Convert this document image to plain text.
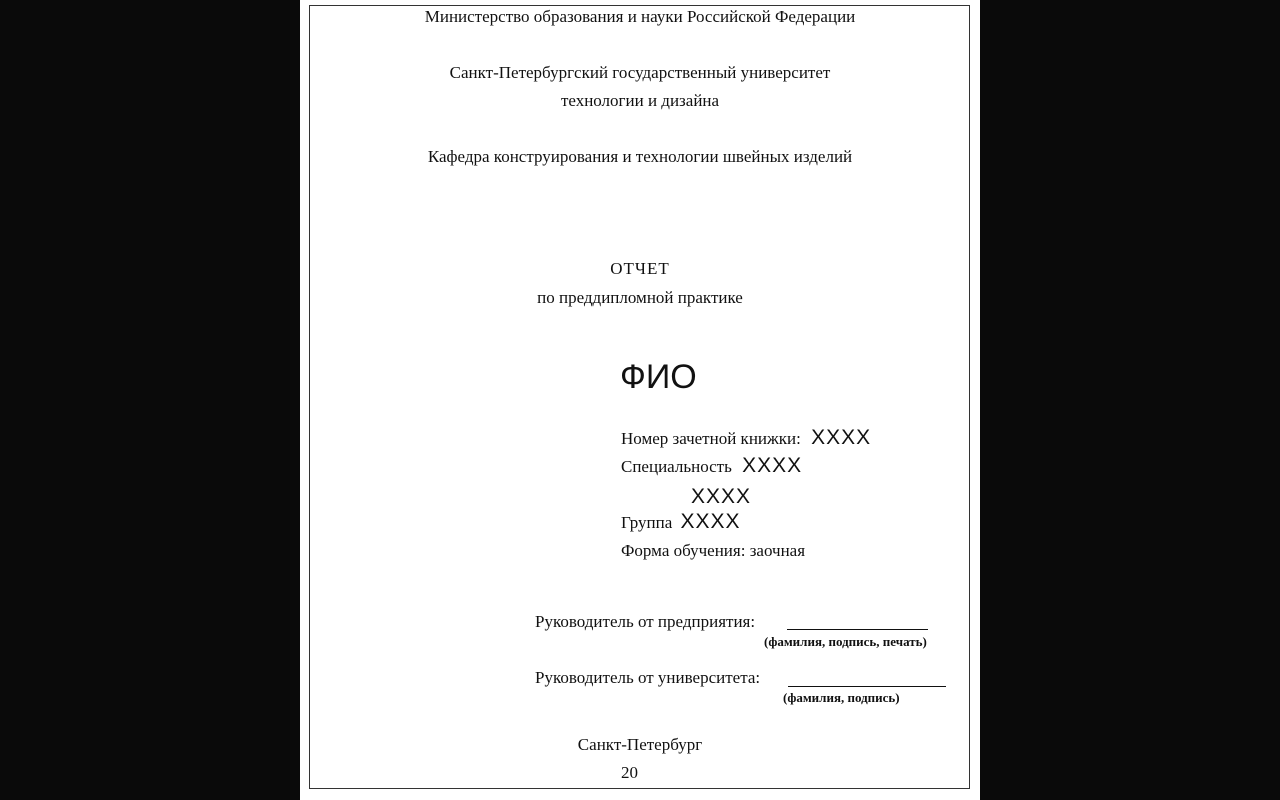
Министерство образования и науки Российской Федерации
Санкт-Петербургский государственный университет
технологии и дизайна
Кафедра конструирования и технологии швейных изделий
ОТЧЕТ
по преддипломной практике
ФИО
Номер зачетной книжки: XXXX
Специальность XXXX
XXXX
Группа XXXX
Форма обучения: заочная
Руководитель от предприятия:
(фамилия, подпись, печать)
Руководитель от университета:
(фамилия, подпись)
Санкт-Петербург
20
